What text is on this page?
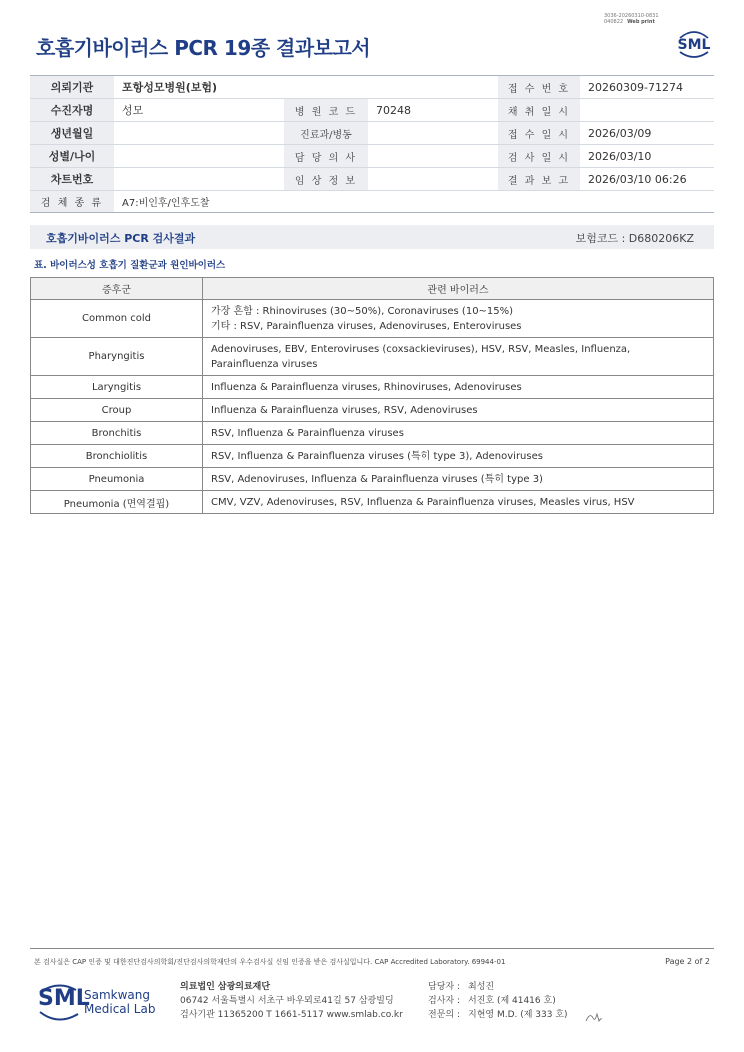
3036-20260310-0831
040822 Web print
호흡기바이러스 PCR 19종 결과보고서	SML
의뢰기관	포항성모병원(보험)			접 수 번 호	20260309-71274
수진자명	성모	병 원 코 드	70248	채 취 일 시	
생년월일		진료과/병동		접 수 일 시	2026/03/09
성별/나이		담 당 의 사		검 사 일 시	2026/03/10
차트번호		임 상 정 보		결 과 보 고	2026/03/10 06:26
검 체 종 류	A7:비인후/인후도찰				
호흡기바이러스 PCR 검사결과	보험코드 : D680206KZ
표. 바이러스성 호흡기 질환군과 원인바이러스
증후군	관련 바이러스
Common cold	가장 흔함 : Rhinoviruses (30~50%), Coronaviruses (10~15%)
기타 : RSV, Parainfluenza viruses, Adenoviruses, Enteroviruses

Pharyngitis	Adenoviruses, EBV, Enteroviruses (coxsackieviruses), HSV, RSV, Measles, Influenza,
Parainfluenza viruses

Laryngitis	Influenza & Parainfluenza viruses, Rhinoviruses, Adenoviruses
Croup	Influenza & Parainfluenza viruses, RSV, Adenoviruses
Bronchitis	RSV, Influenza & Parainfluenza viruses
Bronchiolitis	RSV, Influenza & Parainfluenza viruses (특히 type 3), Adenoviruses
Pneumonia	RSV, Adenoviruses, Influenza & Parainfluenza viruses (특히 type 3)
Pneumonia (면역결핍)	CMV, VZV, Adenoviruses, RSV, Influenza & Parainfluenza viruses, Measles virus, HSV
본 검사실은 CAP 인증 및 대한진단검사의학회/진단검사의학재단의 우수검사실 신임 인증을 받은 검사실입니다. CAP Accredited Laboratory. 69944-01	Page 2 of 2
SML
Samkwang
Medical Lab
의료법인 삼광의료재단
06742 서울특별시 서초구 바우뫼로41길 57 삼광빌딩
검사기관 11365200 T 1661-5117 www.smlab.co.kr
담당자 : 최성진
검사자 : 서진호 (제 41416 호)
전문의 : 지현영 M.D. (제 333 호)
